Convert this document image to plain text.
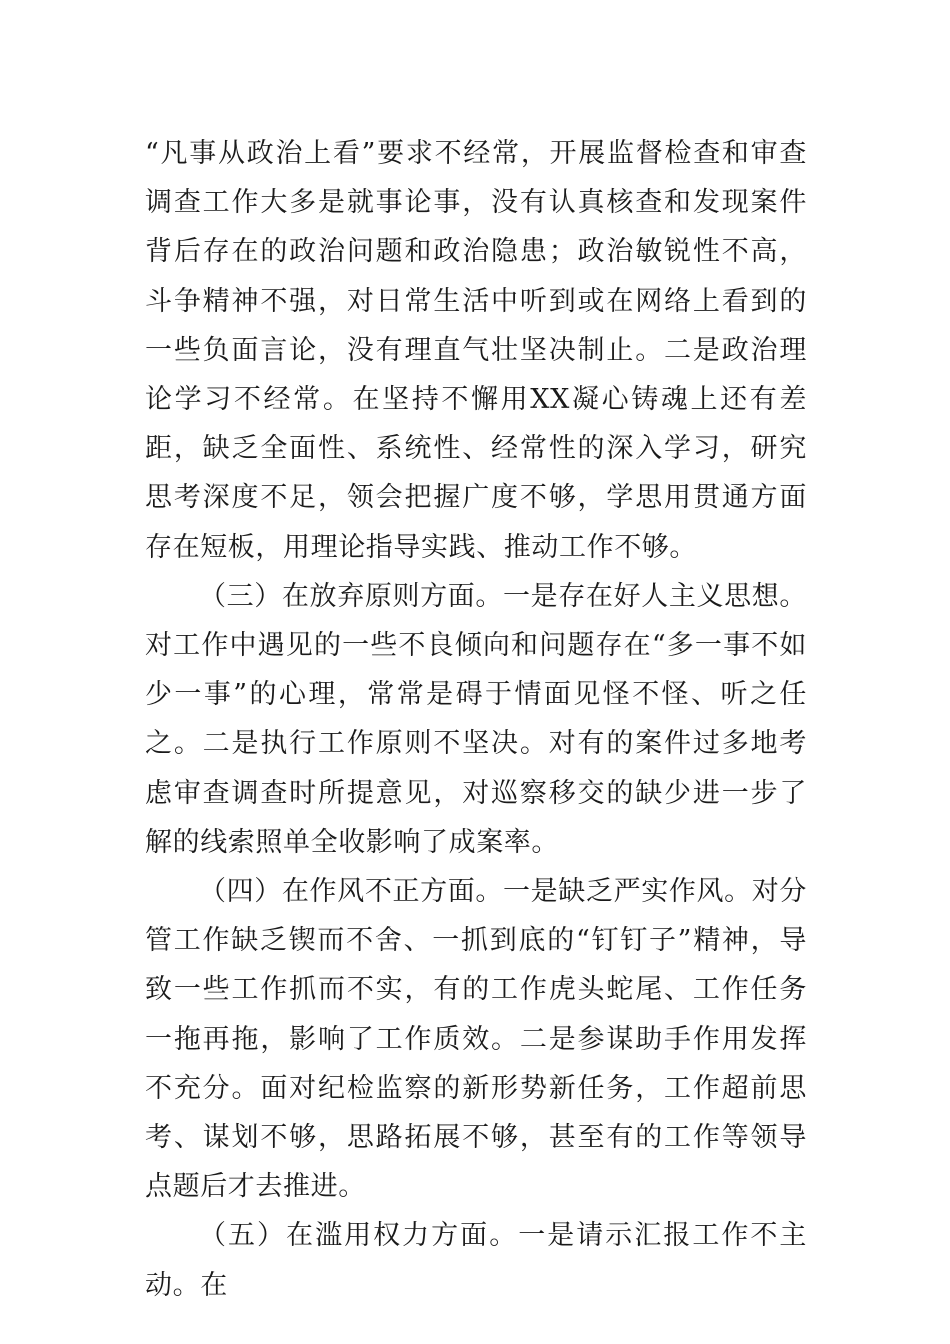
“凡事从政治上看”要求不经常，开展监督检查和审查调查工作大多是就事论事，没有认真核查和发现案件背后存在的政治问题和政治隐患；政治敏锐性不高，斗争精神不强，对日常生活中听到或在网络上看到的一些负面言论，没有理直气壮坚决制止。二是政治理论学习不经常。在坚持不懈用XX凝心铸魂上还有差距，缺乏全面性、系统性、经常性的深入学习，研究思考深度不足，领会把握广度不够，学思用贯通方面存在短板，用理论指导实践、推动工作不够。

（三）在放弃原则方面。一是存在好人主义思想。对工作中遇见的一些不良倾向和问题存在“多一事不如少一事”的心理，常常是碍于情面见怪不怪、听之任之。二是执行工作原则不坚决。对有的案件过多地考虑审查调查时所提意见，对巡察移交的缺少进一步了解的线索照单全收影响了成案率。

（四）在作风不正方面。一是缺乏严实作风。对分管工作缺乏锲而不舍、一抓到底的“钉钉子”精神，导致一些工作抓而不实，有的工作虎头蛇尾、工作任务一拖再拖，影响了工作质效。二是参谋助手作用发挥不充分。面对纪检监察的新形势新任务，工作超前思考、谋划不够，思路拓展不够，甚至有的工作等领导点题后才去推进。

（五）在滥用权力方面。一是请示汇报工作不主动。在
